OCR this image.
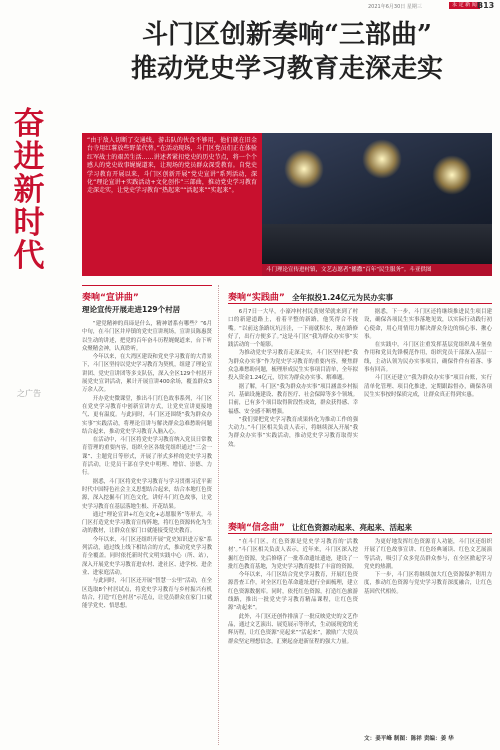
2021年6月30日 星期三	永 定 新 闻 B13
斗门区创新奏响“三部曲”
推动党史学习教育走深走实
奋进新时代
之广告
“由于敌人切断了交通线，游击队的伙食不够用，他们就在旧金台寺用红薯放些野菜代替。”在活动现场，斗门区党员们正在体验红军战士的艰苦生活……讲述者紧扣党史的历史节点，将一个个感人的党史故事娓娓道来，让现场的党员群众深受教育。自党史学习教育开展以来，斗门区创新开展“党史宣讲”系列活动，深化“理论宣讲+实践活动+文化创作”三部曲，推动党史学习教育走深走实，让党史学习教育“热起来”“活起来”“实起来”。
斗门理论宣传进村镇，文艺志愿者“播撒”百年“民生服务”。斗亚供图
奏响“宣讲曲”
理论宣传开展走进129个村居

“建党精神的真谛是什么，精神谱系有哪些？”6月中旬，在斗门区井岸镇的党史宣讲现场，宣讲员陈惠贤以生动的讲述，把党的百年奋斗历程娓娓道来，台下听众聚精会神，认真聆听。

今年以来，在大湾区建设和党史学习教育的大背景下，斗门区坚持以党史学习教育为契机，组建了理论宣讲团、党史宣讲团等多支队伍，深入全区129个村居开展党史宣讲活动，累计开展宣讲400余场，覆盖群众3万余人次。

开办党史微课堂，推出斗门红色故事系列，斗门区在党史学习教育中创新宣讲方式，让党史宣讲更接地气、更有温度。与此同时，斗门区还围绕“我为群众办实事”实践活动，将理论宣讲与解决群众急难愁盼问题结合起来，推动党史学习教育入脑入心。

在活动中，斗门区将党史学习教育纳入党员日常教育管理的重要内容，组织全区各级党组织通过“三会一课”、主题党日等形式，开展了形式多样的党史学习教育活动，让党员干部在学史中明理、增信、崇德、力行。

据悉，斗门区将党史学习教育与学习贯彻习近平新时代中国特色社会主义思想结合起来，结合本地红色资源，深入挖掘斗门红色文化，讲好斗门红色故事，让党史学习教育在基层落地生根、开花结果。

通过“理论宣讲+红色文化+志愿服务”等形式，斗门区打造党史学习教育宣传阵地，将红色资源转化为生动的教材，让群众在家门口就能接受党史教育。

今年以来，斗门区还组织开展“党史知识进万家”系列活动，通过线上线下相结合的方式，推动党史学习教育全覆盖。同时依托新时代文明实践中心（所、站），深入开展党史学习教育进农村、进社区、进学校、进企业、进家庭活动。

与此同时，斗门区还开展“智慧一公里”活动，在全区选取8个村居试点，将党史学习教育与乡村振兴有机结合，打造“红色村居”示范点，让党员群众在家门口就能学党史、悟思想。

奏响“实践曲” 全年拟投1.24亿元为民办实事

6月7日一大早，小濠冲村村民黄财荣就来到了村口的新建道路上，看着平整的新路，他笑得合不拢嘴。“以前这条路坑坑洼洼，一下雨就积水，现在路修好了，出行方便多了。”这是斗门区“我为群众办实事”实践活动的一个缩影。

为推动党史学习教育走深走实，斗门区坚持把“我为群众办实事”作为党史学习教育的重要内容，聚焦群众急难愁盼问题，梳理形成民生实事项目清单，全年拟投入资金1.24亿元，切实为群众办实事、解难题。

据了解，斗门区“我为群众办实事”项目涵盖乡村振兴、基础设施建设、教育医疗、社会保障等多个领域。目前，已有多个项目取得阶段性成效，群众获得感、幸福感、安全感不断增强。

“我们要把党史学习教育成果转化为推动工作的强大动力。”斗门区相关负责人表示，将继续深入开展“我为群众办实事”实践活动，推动党史学习教育取得实效。

据悉，下一步，斗门区还将继续推进民生项目建设，确保各项民生实事落地见效，以实际行动践行初心使命，用心用情用力解决群众身边的烦心事、揪心事。

在实践中，斗门区注重发挥基层党组织战斗堡垒作用和党员先锋模范作用，组织党员干部深入基层一线，主动认领为民办实事项目，确保件件有着落、事事有回音。

斗门区还建立“我为群众办实事”项目台账，实行清单化管理、项目化推进，定期跟踪督办，确保各项民生实事按时保质完成，让群众真正得到实惠。

奏响“信念曲” 让红色资源动起来、亮起来、活起来

“在斗门区，红色资源是党史学习教育的‘活教材’。”斗门区相关负责人表示，近年来，斗门区深入挖掘红色资源，先后修缮了一批革命遗址遗迹，建设了一批红色教育基地，为党史学习教育提供了丰富的资源。

今年以来，斗门区结合党史学习教育，开展红色资源普查工作，对全区红色革命遗址进行全面梳理，建立红色资源数据库。同时，依托红色资源，打造红色旅游线路，推出一批党史学习教育精品课程，让红色资源“动起来”。

此外，斗门区还创作排演了一批反映党史的文艺作品，通过文艺演出、展览展示等形式，生动展现党的光辉历程，让红色资源“亮起来”“活起来”，激励广大党员群众坚定理想信念，汇聚起奋进新征程的强大力量。

为更好地发挥红色资源育人功能，斗门区还组织开展了红色故事宣讲、红色经典诵读、红色文艺展演等活动，吸引了众多党员群众参与，在全区掀起学习党史的热潮。

下一步，斗门区将继续加大红色资源保护利用力度，推动红色资源与党史学习教育深度融合，让红色基因代代相传。

文：姜平峰 制图：陈祥 责编：姜 华
